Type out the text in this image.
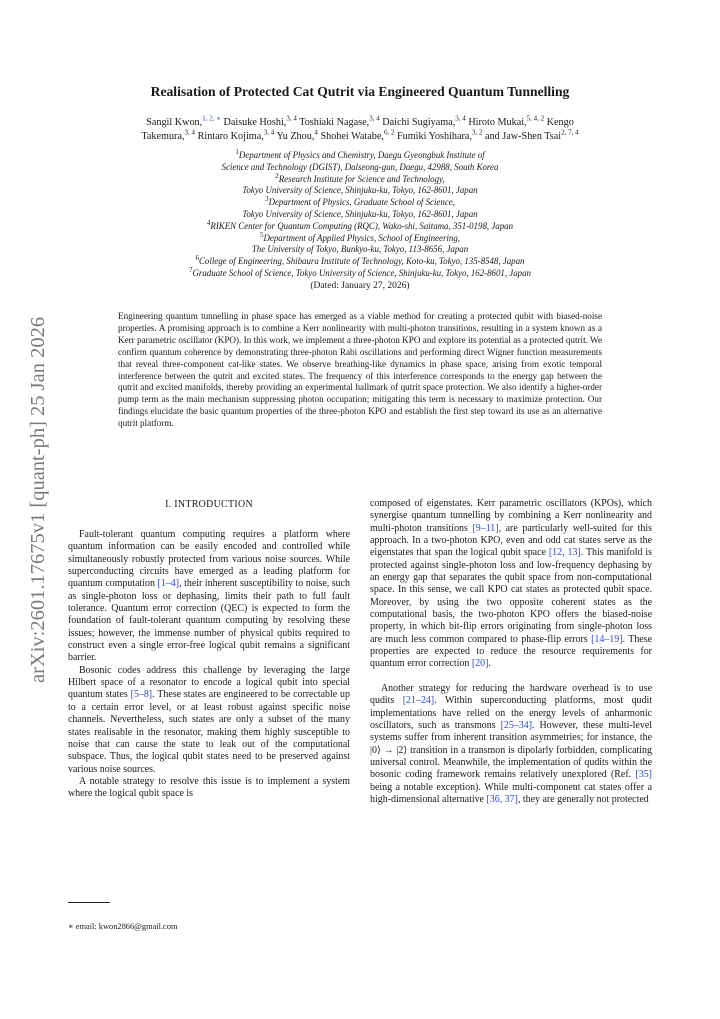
arXiv:2601.17675v1 [quant-ph] 25 Jan 2026
Realisation of Protected Cat Qutrit via Engineered Quantum Tunnelling
Sangil Kwon,$^{1, 2, ∗}$ Daisuke Hoshi,$^{3, 4}$ Toshiaki Nagase,$^{3, 4}$ Daichi Sugiyama,$^{3, 4}$ Hiroto Mukai,$^{5, 4, 2}$ Kengo
Takemura,$^{3, 4}$ Rintaro Kojima,$^{3, 4}$ Yu Zhou,$^4$ Shohei Watabe,$^{6, 2}$ Fumiki Yoshihara,$^{3, 2}$ and Jaw-Shen Tsai$^{2, 7, 4}$
$^1$Department of Physics and Chemistry, Daegu Gyeongbuk Institute of
Science and Technology (DGIST), Dalseong-gun, Daegu, 42988, South Korea
$^2$Research Institute for Science and Technology,
Tokyo University of Science, Shinjuku-ku, Tokyo, 162-8601, Japan
$^3$Department of Physics, Graduate School of Science,
Tokyo University of Science, Shinjuku-ku, Tokyo, 162-8601, Japan
$^4$RIKEN Center for Quantum Computing (RQC), Wako-shi, Saitama, 351-0198, Japan
$^5$Department of Applied Physics, School of Engineering,
The University of Tokyo, Bunkyo-ku, Tokyo, 113-8656, Japan
$^6$College of Engineering, Shibaura Institute of Technology, Koto-ku, Tokyo, 135-8548, Japan
$^7$Graduate School of Science, Tokyo University of Science, Shinjuku-ku, Tokyo, 162-8601, Japan
(Dated: January 27, 2026)
Engineering quantum tunnelling in phase space has emerged as a viable method for creating a protected qubit with biased-noise properties. A promising approach is to combine a Kerr nonlinearity with multi-photon transitions, resulting in a system known as a Kerr parametric oscillator (KPO). In this work, we implement a three-photon KPO and explore its potential as a protected qutrit. We confirm quantum coherence by demonstrating three-photon Rabi oscillations and performing direct Wigner function measurements that reveal three-component cat-like states. We observe breathing-like dynamics in phase space, arising from exotic temporal interference between the qutrit and excited states. The frequency of this interference corresponds to the energy gap between the qutrit and excited manifolds, thereby providing an experimental hallmark of qutrit space protection. We also identify a higher-order pump term as the main mechanism suppressing photon occupation; mitigating this term is necessary to maximize protection. Our findings elucidate the basic quantum properties of the three-photon KPO and establish the first step toward its use as an alternative qutrit platform.
I. INTRODUCTION

Fault-tolerant quantum computing requires a platform where quantum information can be easily encoded and controlled while simultaneously robustly protected from various noise sources. While superconducting circuits have emerged as a leading platform for quantum computation [1–4], their inherent susceptibility to noise, such as single-photon loss or dephasing, limits their path to full fault tolerance. Quantum error correction (QEC) is expected to form the foundation of fault-tolerant quantum computing by resolving these issues; however, the immense number of physical qubits required to construct even a single error-free logical qubit remains a significant barrier.

Bosonic codes address this challenge by leveraging the large Hilbert space of a resonator to encode a logical qubit into special quantum states [5–8]. These states are engineered to be correctable up to a certain error level, or at least robust against specific noise channels. Nevertheless, such states are only a subset of the many states realisable in the resonator, making them highly susceptible to noise that can cause the state to leak out of the computational subspace. Thus, the logical qubit states need to be preserved against various noise sources.

A notable strategy to resolve this issue is to implement a system where the logical qubit space is

composed of eigenstates. Kerr parametric oscillators (KPOs), which synergise quantum tunnelling by combining a Kerr nonlinearity and multi-photon transitions [9–11], are particularly well-suited for this approach. In a two-photon KPO, even and odd cat states serve as the eigenstates that span the logical qubit space [12, 13]. This manifold is protected against single-photon loss and low-frequency dephasing by an energy gap that separates the qubit space from non-computational space. In this sense, we call KPO cat states as protected qubit space. Moreover, by using the two opposite coherent states as the computational basis, the two-photon KPO offers the biased-noise property, in which bit-flip errors originating from single-photon loss are much less common compared to phase-flip errors [14–19]. These properties are expected to reduce the resource requirements for quantum error correction [20].

Another strategy for reducing the hardware overhead is to use qudits [21–24]. Within superconducting platforms, most qudit implementations have relied on the energy levels of anharmonic oscillators, such as transmons [25–34]. However, these multi-level systems suffer from inherent transition asymmetries; for instance, the |0⟩ → |2⟩ transition in a transmon is dipolarly forbidden, complicating universal control. Meanwhile, the implementation of qudits within the bosonic coding framework remains relatively unexplored (Ref. [35] being a notable exception). While multi-component cat states offer a high-dimensional alternative [36, 37], they are generally not protected

∗ email: kwon2866@gmail.com
